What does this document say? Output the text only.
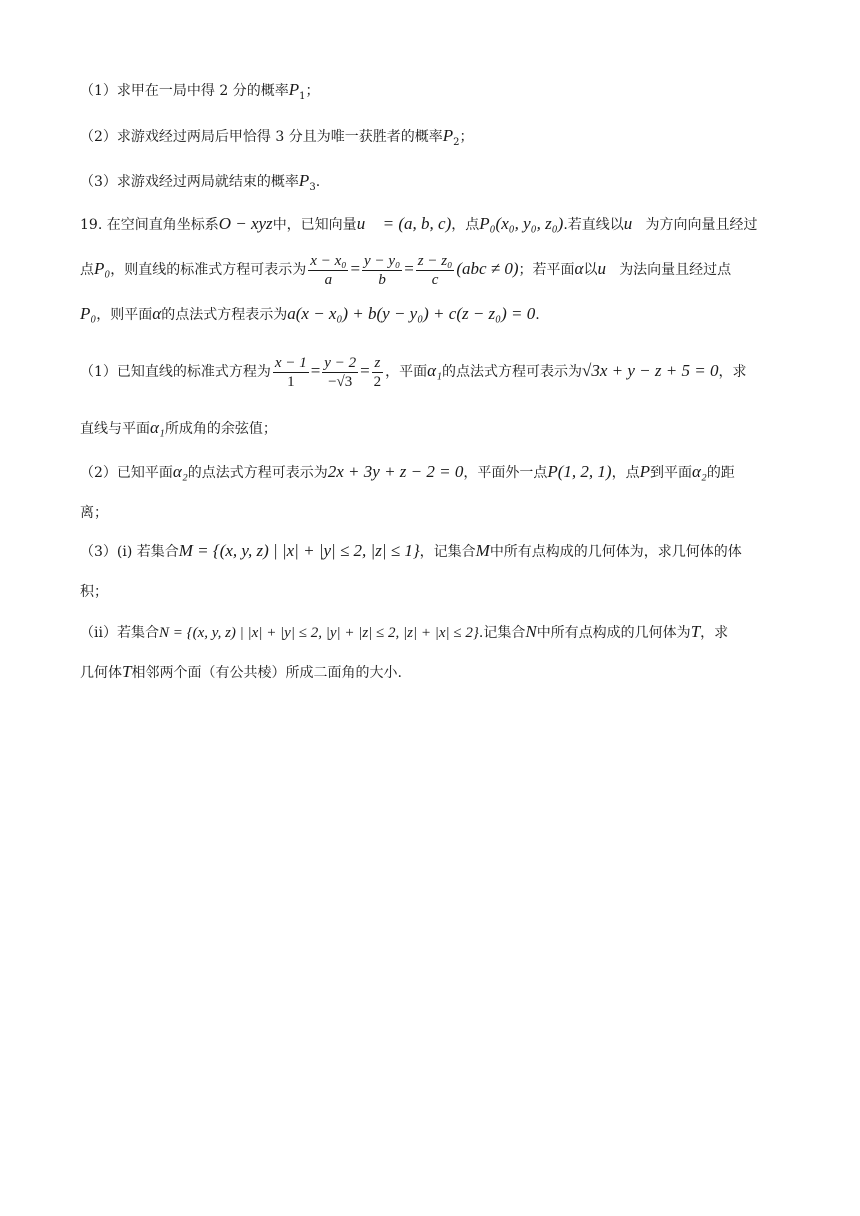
（1）求甲在一局中得 2 分的概率$P_1$；
（2）求游戏经过两局后甲恰得 3 分且为唯一获胜者的概率$P_2$；
（3）求游戏经过两局就结束的概率$P_3$.
19. 在空间直角坐标系O − xyz中，已知向量u⃗ = (a, b, c)，点P₀(x₀, y₀, z₀).若直线以u⃗为方向向量且经过
点P₀，则直线的标准式方程可表示为 $\frac{\text{x − x₀}}{a} = \frac{\text{y − y₀}}{b} = \frac{\text{z − z₀}}{c} (abc \ne 0)$；若平面α以u⃗为法向量且经过点
P₀，则平面α的点法式方程表示为a(x − x₀) + b(y − y₀) + c(z − z₀) = 0.
（1）已知直线的标准式方程为 $\frac{x - 1}{1} = \frac{y - 2}{-√3} = \frac{z}{2}$ ，平面α₁的点法式方程可表示为√3x + y − z + 5 = 0，求
直线与平面α₁所成角的余弦值；
（2）已知平面α₂的点法式方程可表示为2x + 3y + z − 2 = 0，平面外一点P(1, 2, 1)，点P到平面α₂的距
离；
（3）(i) 若集合M = {(x, y, z) | |x| + |y| ≤ 2, |z| ≤ 1}，记集合M中所有点构成的几何体为，求几何体的体
积；
（ii）若集合N = {(x, y, z) | |x| + |y| ≤ 2, |y| + |z| ≤ 2, |z| + |x| ≤ 2}.记集合N中所有点构成的几何体为T，求
几何体T相邻两个面（有公共棱）所成二面角的大小.
